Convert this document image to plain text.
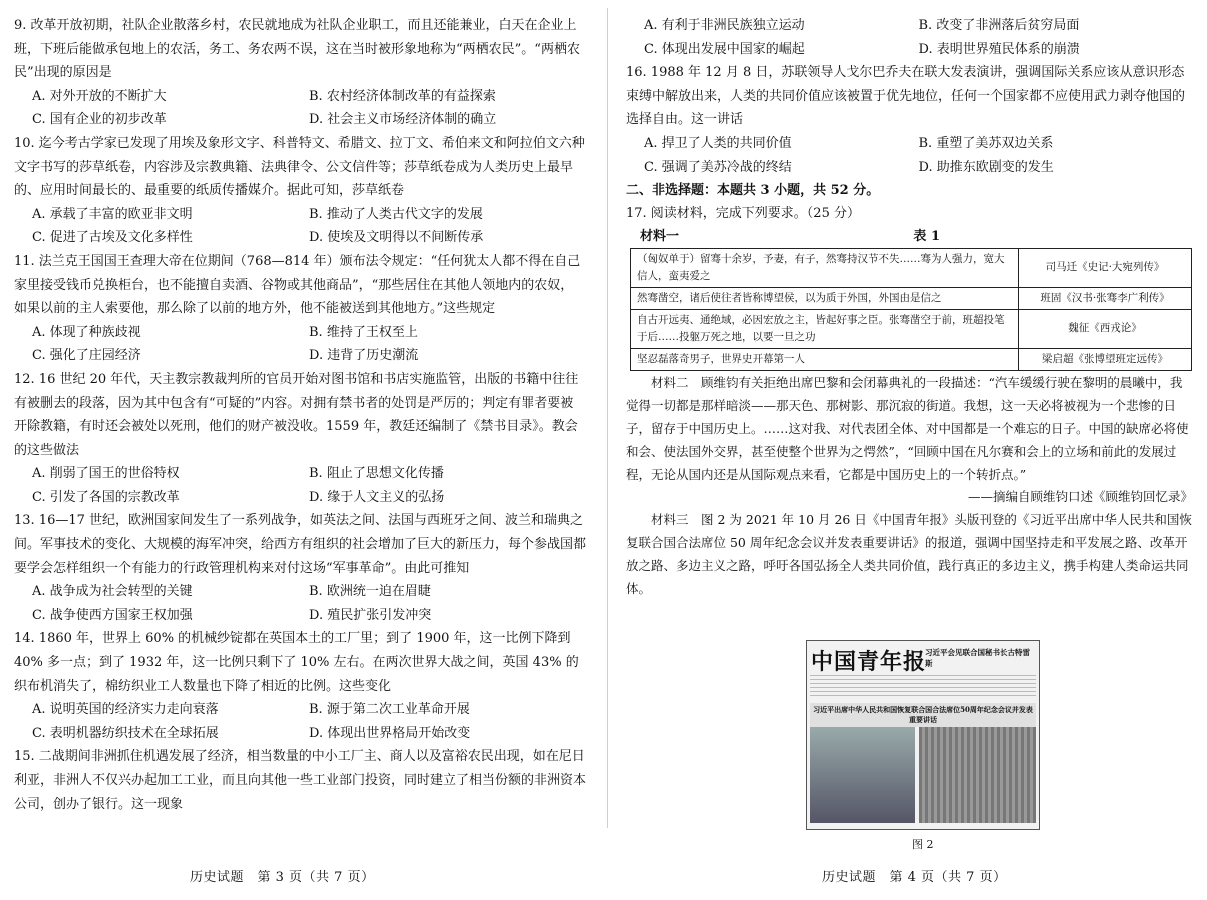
9. 改革开放初期，社队企业散落乡村，农民就地成为社队企业职工，而且还能兼业，白天在企业上班，下班后能做承包地上的农活，务工、务农两不误，这在当时被形象地称为“两栖农民”。“两栖农民”出现的原因是

A. 对外开放的不断扩大	B. 农村经济体制改革的有益探索
C. 国有企业的初步改革	D. 社会主义市场经济体制的确立

10. 迄今考古学家已发现了用埃及象形文字、科普特文、希腊文、拉丁文、希伯来文和阿拉伯文六种文字书写的莎草纸卷，内容涉及宗教典籍、法典律令、公文信件等；莎草纸卷成为人类历史上最早的、应用时间最长的、最重要的纸质传播媒介。据此可知，莎草纸卷

A. 承载了丰富的欧亚非文明	B. 推动了人类古代文字的发展
C. 促进了古埃及文化多样性	D. 使埃及文明得以不间断传承

11. 法兰克王国国王查理大帝在位期间（768—814 年）颁布法令规定：“任何犹太人都不得在自己家里接受钱币兑换柜台，也不能擅自卖酒、谷物或其他商品”，“那些居住在其他人领地内的农奴，如果以前的主人索要他，那么除了以前的地方外，他不能被送到其他地方。”这些规定

A. 体现了种族歧视	B. 维持了王权至上
C. 强化了庄园经济	D. 违背了历史潮流

12. 16 世纪 20 年代，天主教宗教裁判所的官员开始对图书馆和书店实施监管，出版的书籍中往往有被删去的段落，因为其中包含有“可疑的”内容。对拥有禁书者的处罚是严厉的；判定有罪者要被开除教籍，有时还会被处以死刑，他们的财产被没收。1559 年，教廷还编制了《禁书目录》。教会的这些做法

A. 削弱了国王的世俗特权	B. 阻止了思想文化传播
C. 引发了各国的宗教改革	D. 缘于人文主义的弘扬

13. 16—17 世纪，欧洲国家间发生了一系列战争，如英法之间、法国与西班牙之间、波兰和瑞典之间。军事技术的变化、大规模的海军冲突，给西方有组织的社会增加了巨大的新压力，每个参战国都要学会怎样组织一个有能力的行政管理机构来对付这场“军事革命”。由此可推知

A. 战争成为社会转型的关键	B. 欧洲统一迫在眉睫
C. 战争使西方国家王权加强	D. 殖民扩张引发冲突

14. 1860 年，世界上 60% 的机械纱锭都在英国本土的工厂里；到了 1900 年，这一比例下降到 40% 多一点；到了 1932 年，这一比例只剩下了 10% 左右。在两次世界大战之间，英国 43% 的织布机消失了，棉纺织业工人数量也下降了相近的比例。这些变化

A. 说明英国的经济实力走向衰落	B. 源于第二次工业革命开展
C. 表明机器纺织技术在全球拓展	D. 体现出世界格局开始改变

15. 二战期间非洲抓住机遇发展了经济，相当数量的中小工厂主、商人以及富裕农民出现，如在尼日利亚，非洲人不仅兴办起加工工业，而且向其他一些工业部门投资，同时建立了相当份额的非洲资本公司，创办了银行。这一现象

历史试题　第 3 页（共 7 页）
A. 有利于非洲民族独立运动	B. 改变了非洲落后贫穷局面
C. 体现出发展中国家的崛起	D. 表明世界殖民体系的崩溃

16. 1988 年 12 月 8 日，苏联领导人戈尔巴乔夫在联大发表演讲，强调国际关系应该从意识形态束缚中解放出来，人类的共同价值应该被置于优先地位，任何一个国家都不应使用武力剥夺他国的选择自由。这一讲话

A. 捍卫了人类的共同价值	B. 重塑了美苏双边关系
C. 强调了美苏冷战的终结	D. 助推东欧剧变的发生

二、非选择题：本题共 3 小题，共 52 分。

17. 阅读材料，完成下列要求。（25 分）

材料一	表 1
（匈奴单于）留骞十余岁，予妻，有子，然骞持汉节不失……骞为人强力，宽大信人，蛮夷爱之	司马迁《史记·大宛列传》
然骞凿空，诸后使往者皆称博望侯，以为质于外国，外国由是信之	班固《汉书·张骞李广利传》
自古开远夷、通绝域，必因宏放之主，皆起好事之臣。张骞凿空于前，班超投笔于后……投躯万死之地，以要一旦之功	魏征《西戎论》
坚忍磊落奇男子，世界史开幕第一人	梁启超《张博望班定远传》

材料二　顾维钧有关拒绝出席巴黎和会闭幕典礼的一段描述：“汽车缓缓行驶在黎明的晨曦中，我觉得一切都是那样暗淡——那天色、那树影、那沉寂的街道。我想，这一天必将被视为一个悲惨的日子，留存于中国历史上。……这对我、对代表团全体、对中国都是一个难忘的日子。中国的缺席必将使和会、使法国外交界，甚至使整个世界为之愕然”，“回顾中国在凡尔赛和会上的立场和前此的发展过程，无论从国内还是从国际观点来看，它都是中国历史上的一个转折点。”

——摘编自顾维钧口述《顾维钧回忆录》

材料三　图 2 为 2021 年 10 月 26 日《中国青年报》头版刊登的《习近平出席中华人民共和国恢复联合国合法席位 50 周年纪念会议并发表重要讲话》的报道，强调中国坚持走和平发展之路、改革开放之路、多边主义之路，呼吁各国弘扬全人类共同价值，践行真正的多边主义，携手构建人类命运共同体。

中国青年报
习近平会见联合国秘书长古特雷斯
习近平出席中华人民共和国恢复联合国合法席位50周年纪念会议并发表重要讲话
图 2
历史试题　第 4 页（共 7 页）
